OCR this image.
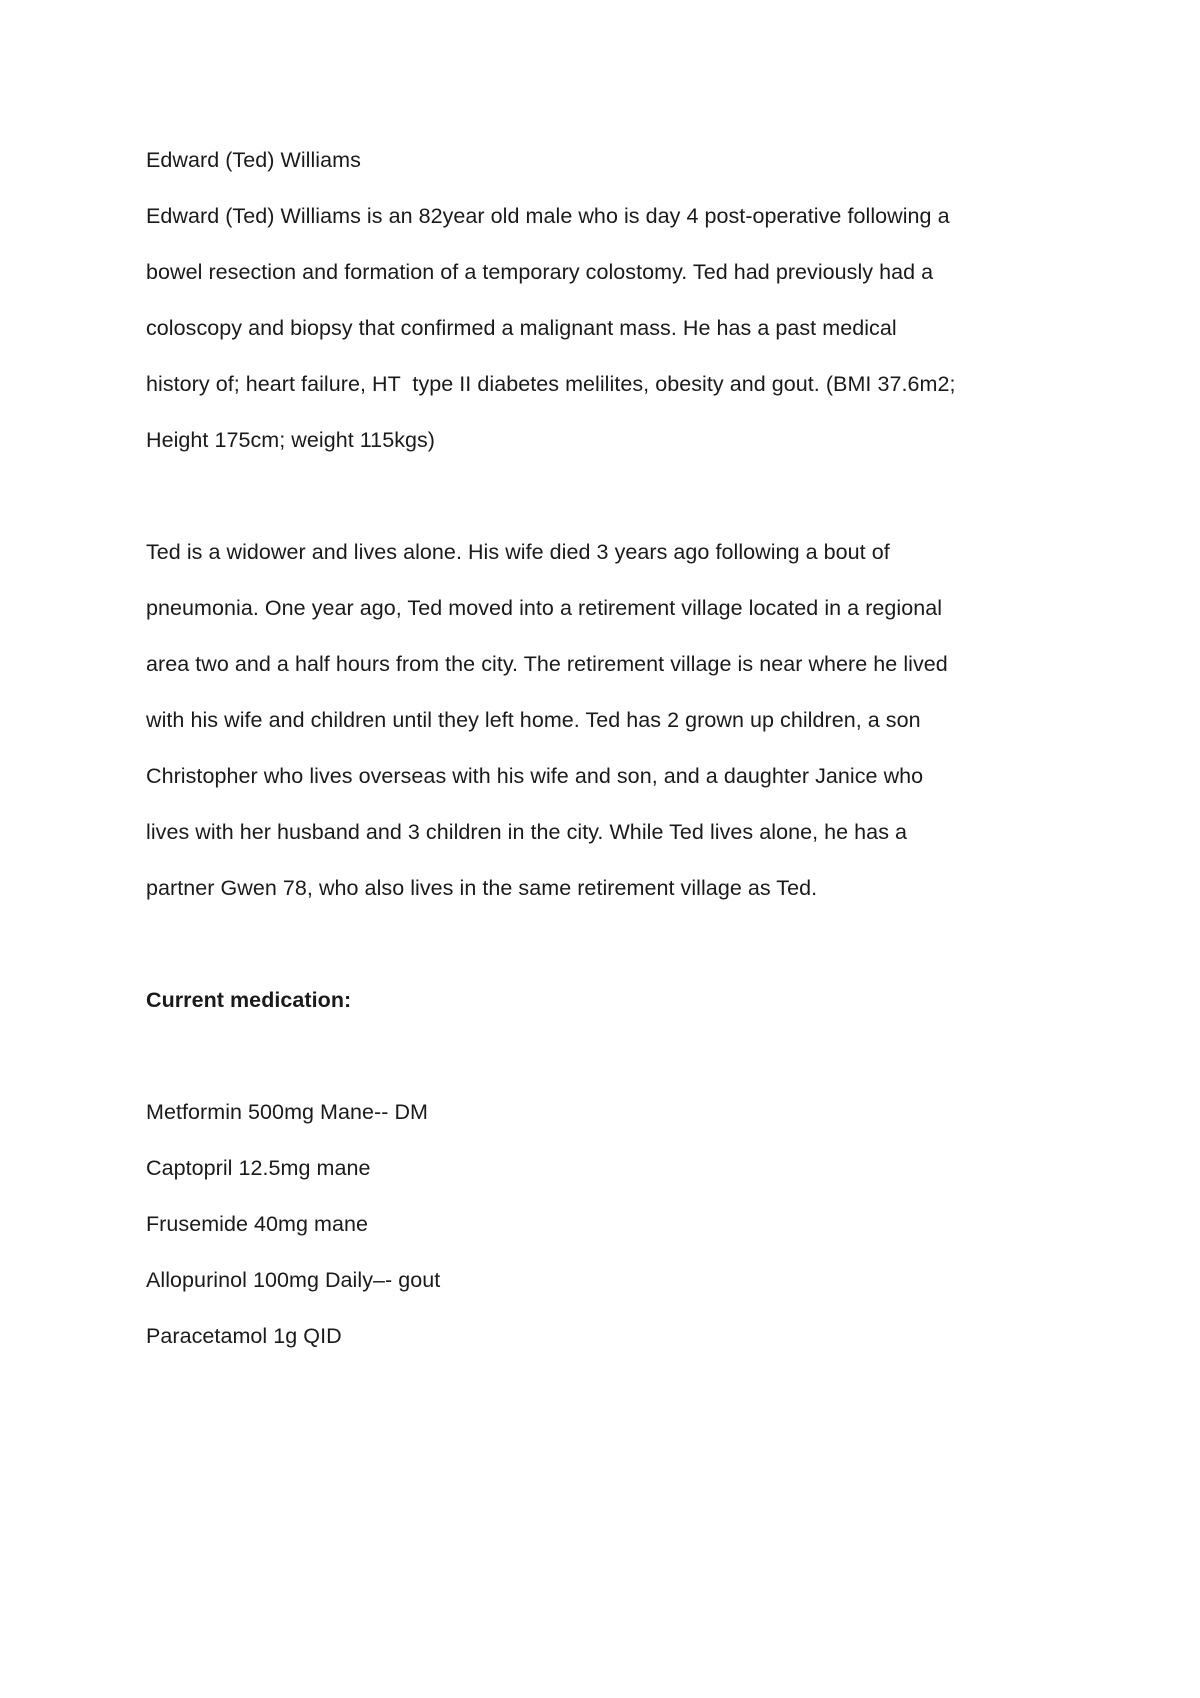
Edward (Ted) Williams
Edward (Ted) Williams is an 82year old male who is day 4 post-operative following a
bowel resection and formation of a temporary colostomy. Ted had previously had a
coloscopy and biopsy that confirmed a malignant mass. He has a past medical
history of; heart failure, HT  type II diabetes melilites, obesity and gout. (BMI 37.6m2;
Height 175cm; weight 115kgs)
Ted is a widower and lives alone. His wife died 3 years ago following a bout of
pneumonia. One year ago, Ted moved into a retirement village located in a regional
area two and a half hours from the city. The retirement village is near where he lived
with his wife and children until they left home. Ted has 2 grown up children, a son
Christopher who lives overseas with his wife and son, and a daughter Janice who
lives with her husband and 3 children in the city. While Ted lives alone, he has a
partner Gwen 78, who also lives in the same retirement village as Ted.
Current medication:
Metformin 500mg Mane-- DM
Captopril 12.5mg mane
Frusemide 40mg mane
Allopurinol 100mg Daily–- gout
Paracetamol 1g QID
